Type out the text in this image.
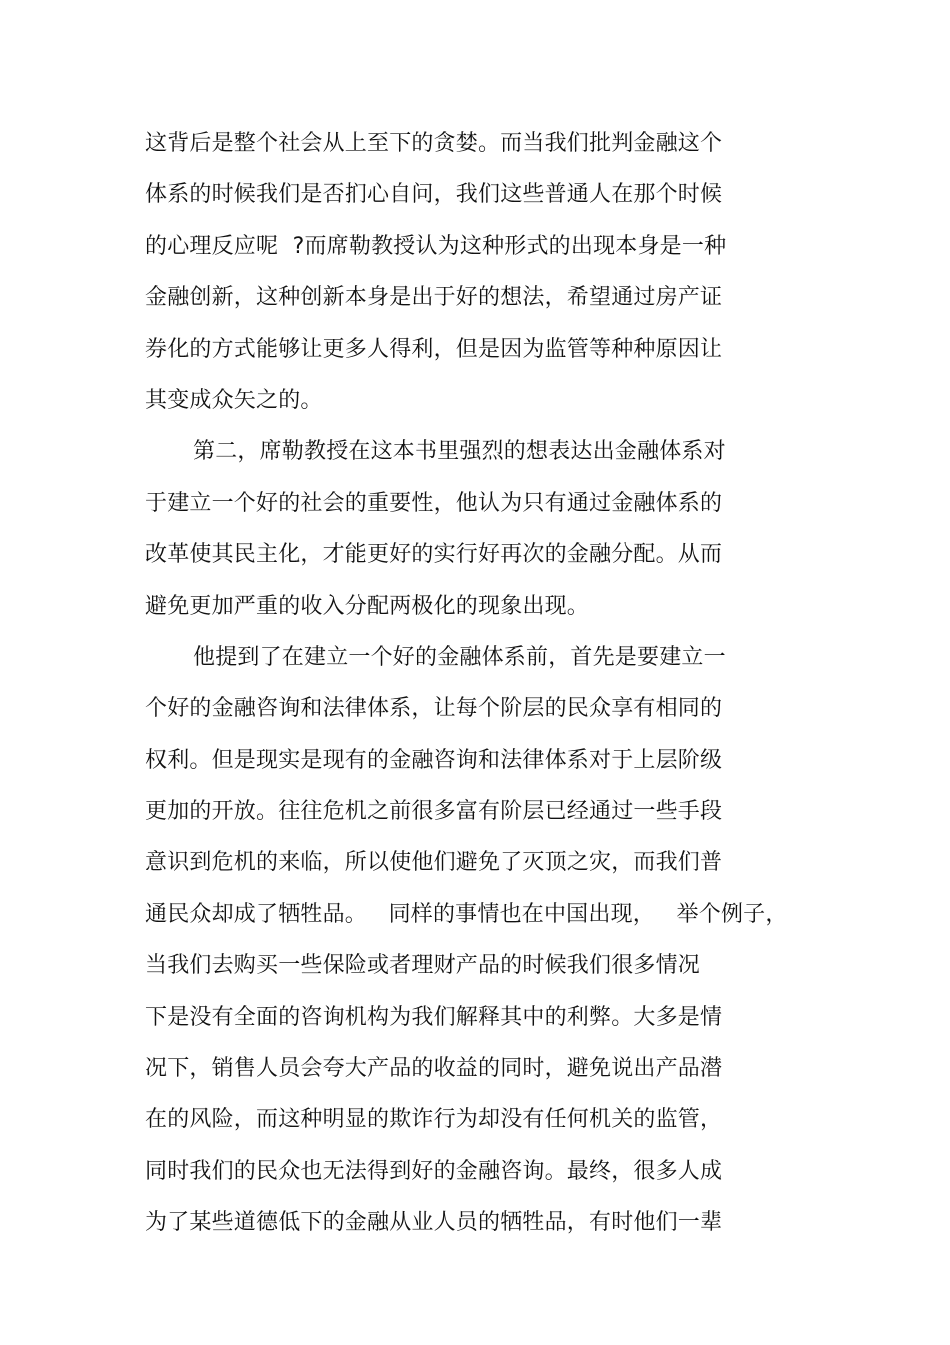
这背后是整个社会从上至下的贪婪。而当我们批判金融这个
体系的时候我们是否扪心自问，我们这些普通人在那个时候
的心理反应呢  ?而席勒教授认为这种形式的出现本身是一种
金融创新，这种创新本身是出于好的想法，希望通过房产证
券化的方式能够让更多人得利，但是因为监管等种种原因让
其变成众矢之的。
第二，席勒教授在这本书里强烈的想表达出金融体系对
于建立一个好的社会的重要性，他认为只有通过金融体系的
改革使其民主化，才能更好的实行好再次的金融分配。从而
避免更加严重的收入分配两极化的现象出现。
他提到了在建立一个好的金融体系前，首先是要建立一
个好的金融咨询和法律体系，让每个阶层的民众享有相同的
权利。但是现实是现有的金融咨询和法律体系对于上层阶级
更加的开放。往往危机之前很多富有阶层已经通过一些手段
意识到危机的来临，所以使他们避免了灭顶之灾，而我们普
通民众却成了牺牲品。   同样的事情也在中国出现，   举个例子，
当我们去购买一些保险或者理财产品的时候我们很多情况
下是没有全面的咨询机构为我们解释其中的利弊。大多是情
况下，销售人员会夸大产品的收益的同时，避免说出产品潜
在的风险，而这种明显的欺诈行为却没有任何机关的监管，
同时我们的民众也无法得到好的金融咨询。最终，很多人成
为了某些道德低下的金融从业人员的牺牲品，有时他们一辈
